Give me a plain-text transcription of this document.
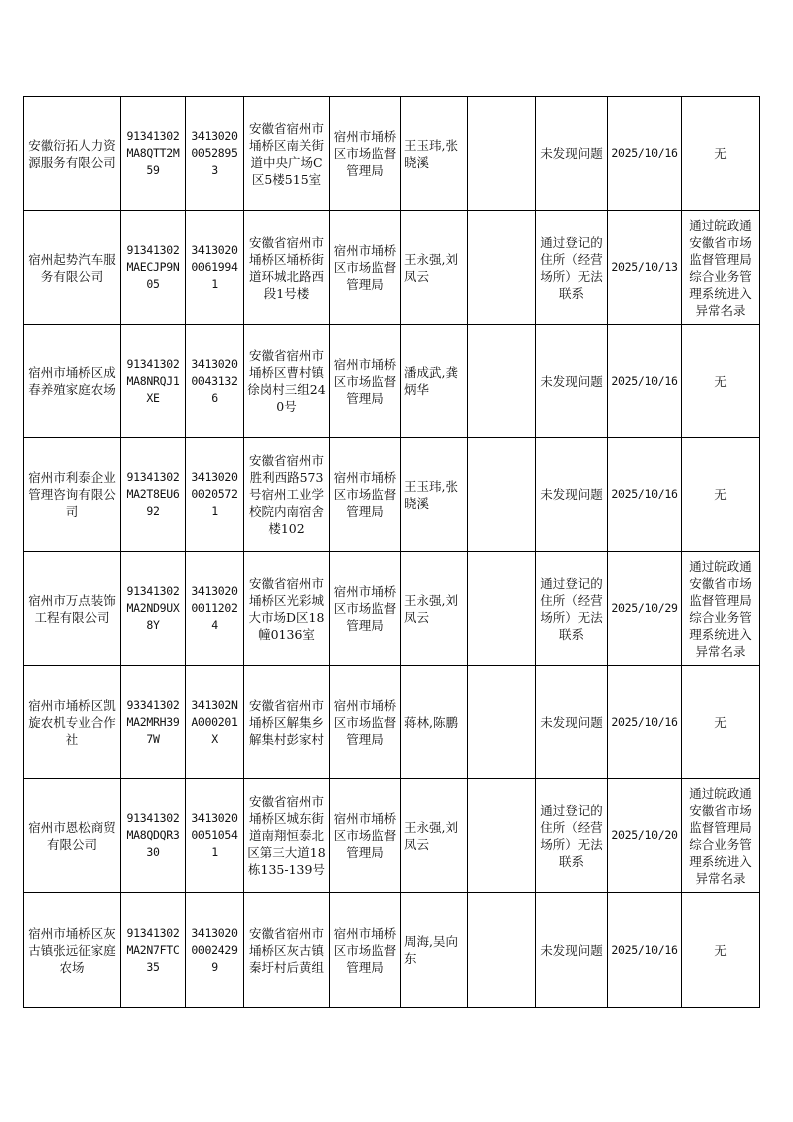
安徽衍拓人力资源服务有限公司	91341302MA8QTT2M59	341302000528953	安徽省宿州市埇桥区南关街道中央广场C区5楼515室	宿州市埇桥区市场监督管理局	王玉玮,张晓溪		未发现问题	2025/10/16	无
宿州起势汽车服务有限公司	91341302MAECJP9N05	341302000619941	安徽省宿州市埇桥区埇桥街道环城北路西段1号楼	宿州市埇桥区市场监督管理局	王永强,刘凤云		通过登记的住所（经营场所）无法联系	2025/10/13	通过皖政通安徽省市场监督管理局综合业务管理系统进入异常名录
宿州市埇桥区成春养殖家庭农场	91341302MA8NRQJ1XE	341302000431326	安徽省宿州市埇桥区曹村镇徐岗村三组240号	宿州市埇桥区市场监督管理局	潘成武,龚炳华		未发现问题	2025/10/16	无
宿州市利泰企业管理咨询有限公司	91341302MA2T8EU692	341302000205721	安徽省宿州市胜利西路573号宿州工业学校院内南宿舍楼102	宿州市埇桥区市场监督管理局	王玉玮,张晓溪		未发现问题	2025/10/16	无
宿州市万点装饰工程有限公司	91341302MA2ND9UX8Y	341302000112024	安徽省宿州市埇桥区光彩城大市场D区18幢0136室	宿州市埇桥区市场监督管理局	王永强,刘凤云		通过登记的住所（经营场所）无法联系	2025/10/29	通过皖政通安徽省市场监督管理局综合业务管理系统进入异常名录
宿州市埇桥区凯旋农机专业合作社	93341302MA2MRH397W	341302NA000201X	安徽省宿州市埇桥区解集乡解集村彭家村	宿州市埇桥区市场监督管理局	蒋林,陈鹏		未发现问题	2025/10/16	无
宿州市恩松商贸有限公司	91341302MA8QDQR330	341302000510541	安徽省宿州市埇桥区城东街道南翔恒泰北区第三大道18栋135-139号	宿州市埇桥区市场监督管理局	王永强,刘凤云		通过登记的住所（经营场所）无法联系	2025/10/20	通过皖政通安徽省市场监督管理局综合业务管理系统进入异常名录
宿州市埇桥区灰古镇张远征家庭农场	91341302MA2N7FTC35	341302000024299	安徽省宿州市埇桥区灰古镇秦圩村后黄组	宿州市埇桥区市场监督管理局	周海,吴向东		未发现问题	2025/10/16	无
